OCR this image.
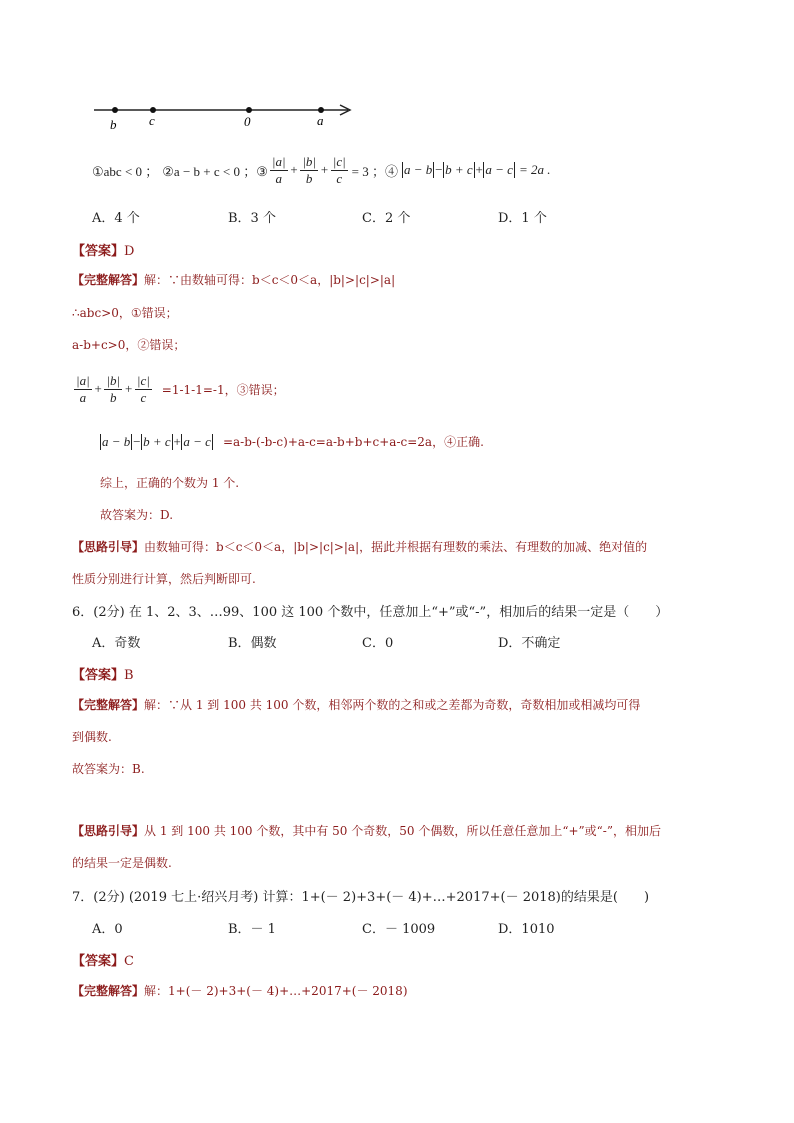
b	c	0	a
①abc < 0 ； ②a − b + c < 0 ；③ $\frac{|a|}{a} + \frac{|b|}{b} + \frac{|c|}{c} = 3$ ；④ a − b − b + c + a − c = 2a .
A．4 个	B．3 个	C．2 个	D．1 个
【答案】D
【完整解答】解：∵由数轴可得：b＜c＜0＜a，|b|>|c|>|a|
∴abc>0，①错误；
a-b+c>0，②错误；
$\frac{|a|}{a} + \frac{|b|}{b} + \frac{|c|}{c} =1-1-1=-1$，③错误；
a − b − b + c + a − c =a-b-(-b-c)+a-c=a-b+b+c+a-c=2a，④正确.
综上，正确的个数为 1 个.
故答案为：D.
【思路引导】由数轴可得：b＜c＜0＜a，|b|>|c|>|a|，据此并根据有理数的乘法、有理数的加减、绝对值的
性质分别进行计算，然后判断即可.
6．(2分) 在 1、2、3、…99、100 这 100 个数中，任意加上“+”或“-”，相加后的结果一定是（　　）
A．奇数	B．偶数	C．0	D．不确定
【答案】B
【完整解答】解：∵从 1 到 100 共 100 个数，相邻两个数的之和或之差都为奇数，奇数相加或相减均可得
到偶数.
故答案为：B.
【思路引导】从 1 到 100 共 100 个数，其中有 50 个奇数，50 个偶数，所以任意任意加上“+”或“-”，相加后
的结果一定是偶数.
7．(2分) (2019 七上·绍兴月考) 计算：1+(－ 2)+3+(－ 4)+…+2017+(－ 2018)的结果是(　　)
A．0	B．－ 1	C．－ 1009	D．1010
【答案】C
【完整解答】解：1+(－ 2)+3+(－ 4)+…+2017+(－ 2018)
